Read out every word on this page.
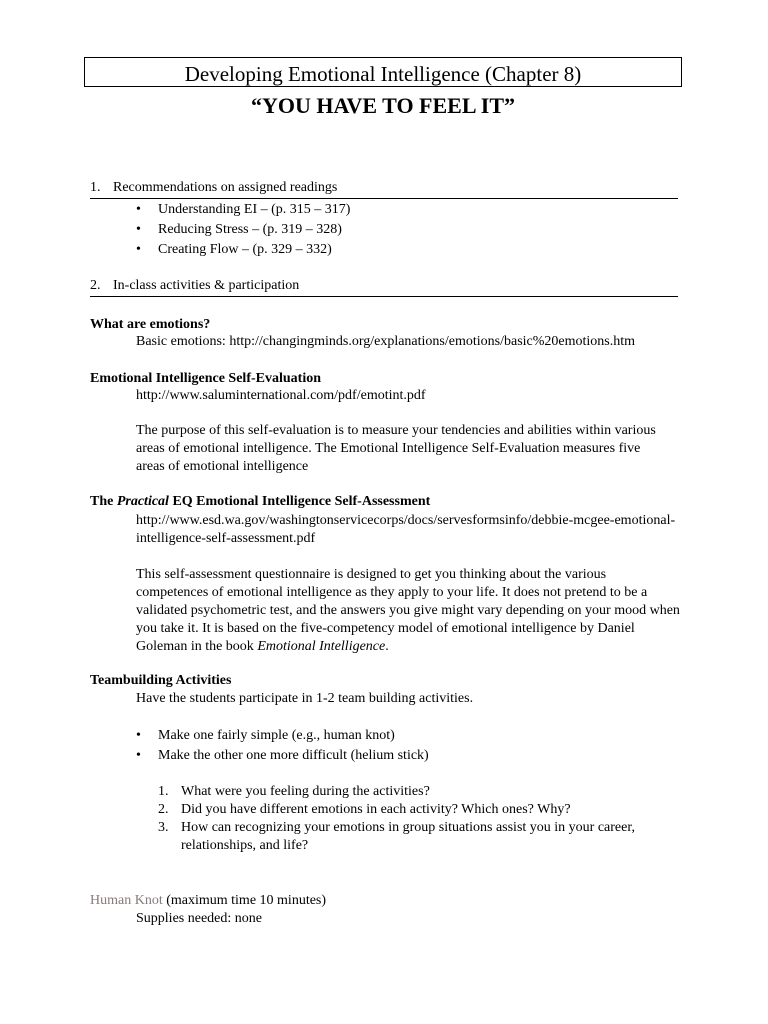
Developing Emotional Intelligence (Chapter 8)
“YOU HAVE TO FEEL IT”
1. Recommendations on assigned readings
• Understanding EI – (p. 315 – 317)
• Reducing Stress – (p. 319 – 328)
• Creating Flow – (p. 329 – 332)
2. In-class activities & participation
What are emotions?
Basic emotions: http://changingminds.org/explanations/emotions/basic%20emotions.htm
Emotional Intelligence Self-Evaluation
http://www.saluminternational.com/pdf/emotint.pdf
The purpose of this self-evaluation is to measure your tendencies and abilities within various areas of emotional intelligence. The Emotional Intelligence Self-Evaluation measures five areas of emotional intelligence
The Practical EQ Emotional Intelligence Self-Assessment
http://www.esd.wa.gov/washingtonservicecorps/docs/servesformsinfo/debbie-mcgee-emotional-intelligence-self-assessment.pdf
This self-assessment questionnaire is designed to get you thinking about the various competences of emotional intelligence as they apply to your life. It does not pretend to be a validated psychometric test, and the answers you give might vary depending on your mood when you take it. It is based on the five-competency model of emotional intelligence by Daniel Goleman in the book Emotional Intelligence.
Teambuilding Activities
Have the students participate in 1-2 team building activities.
• Make one fairly simple (e.g., human knot)
• Make the other one more difficult (helium stick)
1. What were you feeling during the activities?
2. Did you have different emotions in each activity? Which ones? Why?
3. How can recognizing your emotions in group situations assist you in your career, relationships, and life?
Human Knot (maximum time 10 minutes)
Supplies needed: none
